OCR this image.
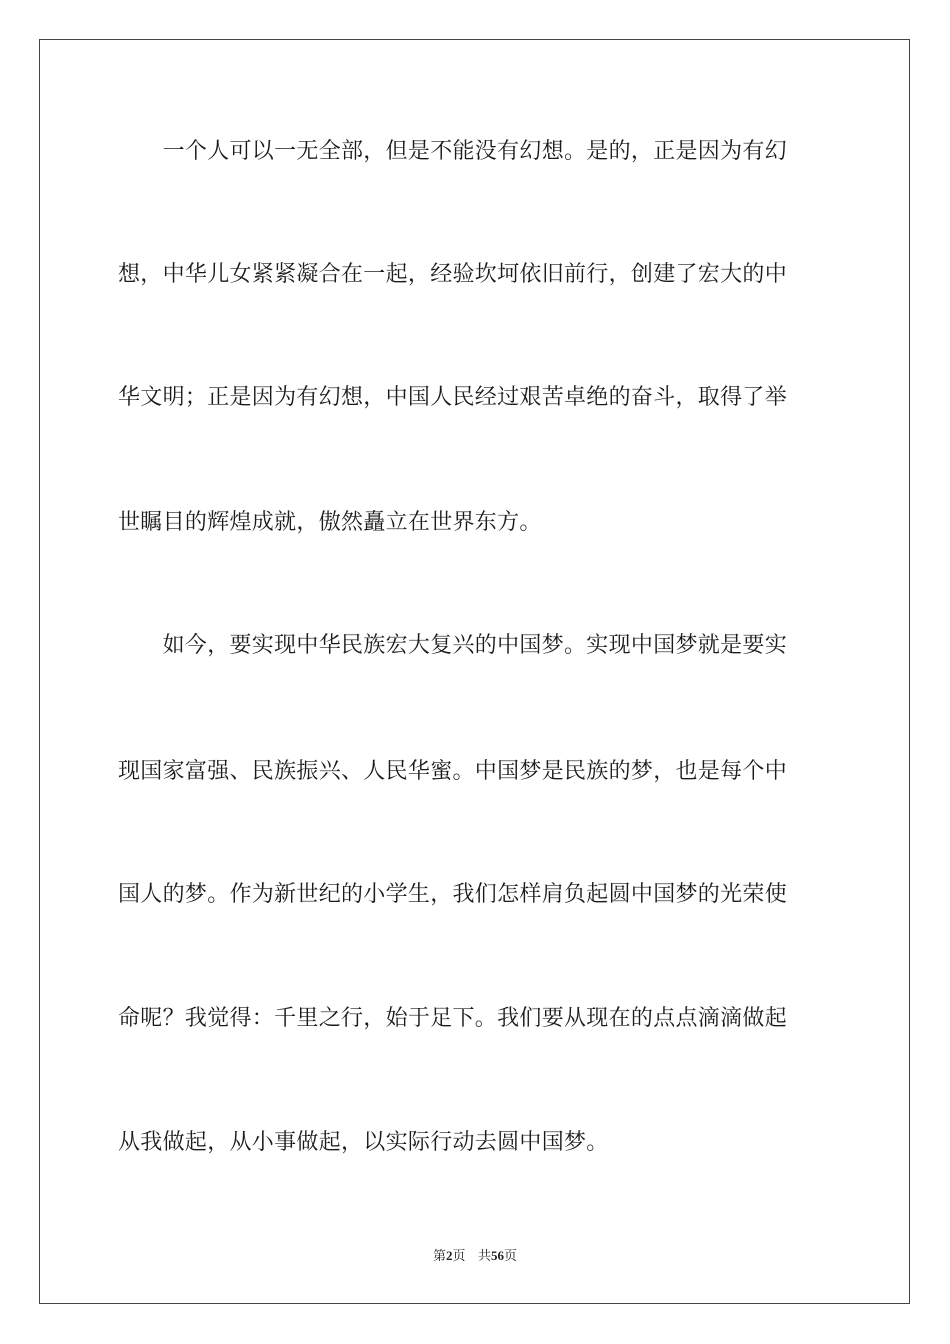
　　一个人可以一无全部，但是不能没有幻想。是的，正是因为有幻
想，中华儿女紧紧凝合在一起，经验坎坷依旧前行，创建了宏大的中
华文明；正是因为有幻想，中国人民经过艰苦卓绝的奋斗，取得了举
世瞩目的辉煌成就，傲然矗立在世界东方。
　　如今，要实现中华民族宏大复兴的中国梦。实现中国梦就是要实
现国家富强、民族振兴、人民华蜜。中国梦是民族的梦，也是每个中
国人的梦。作为新世纪的小学生，我们怎样肩负起圆中国梦的光荣使
命呢？我觉得：千里之行，始于足下。我们要从现在的点点滴滴做起
从我做起，从小事做起，以实际行动去圆中国梦。
第2页 共56页
